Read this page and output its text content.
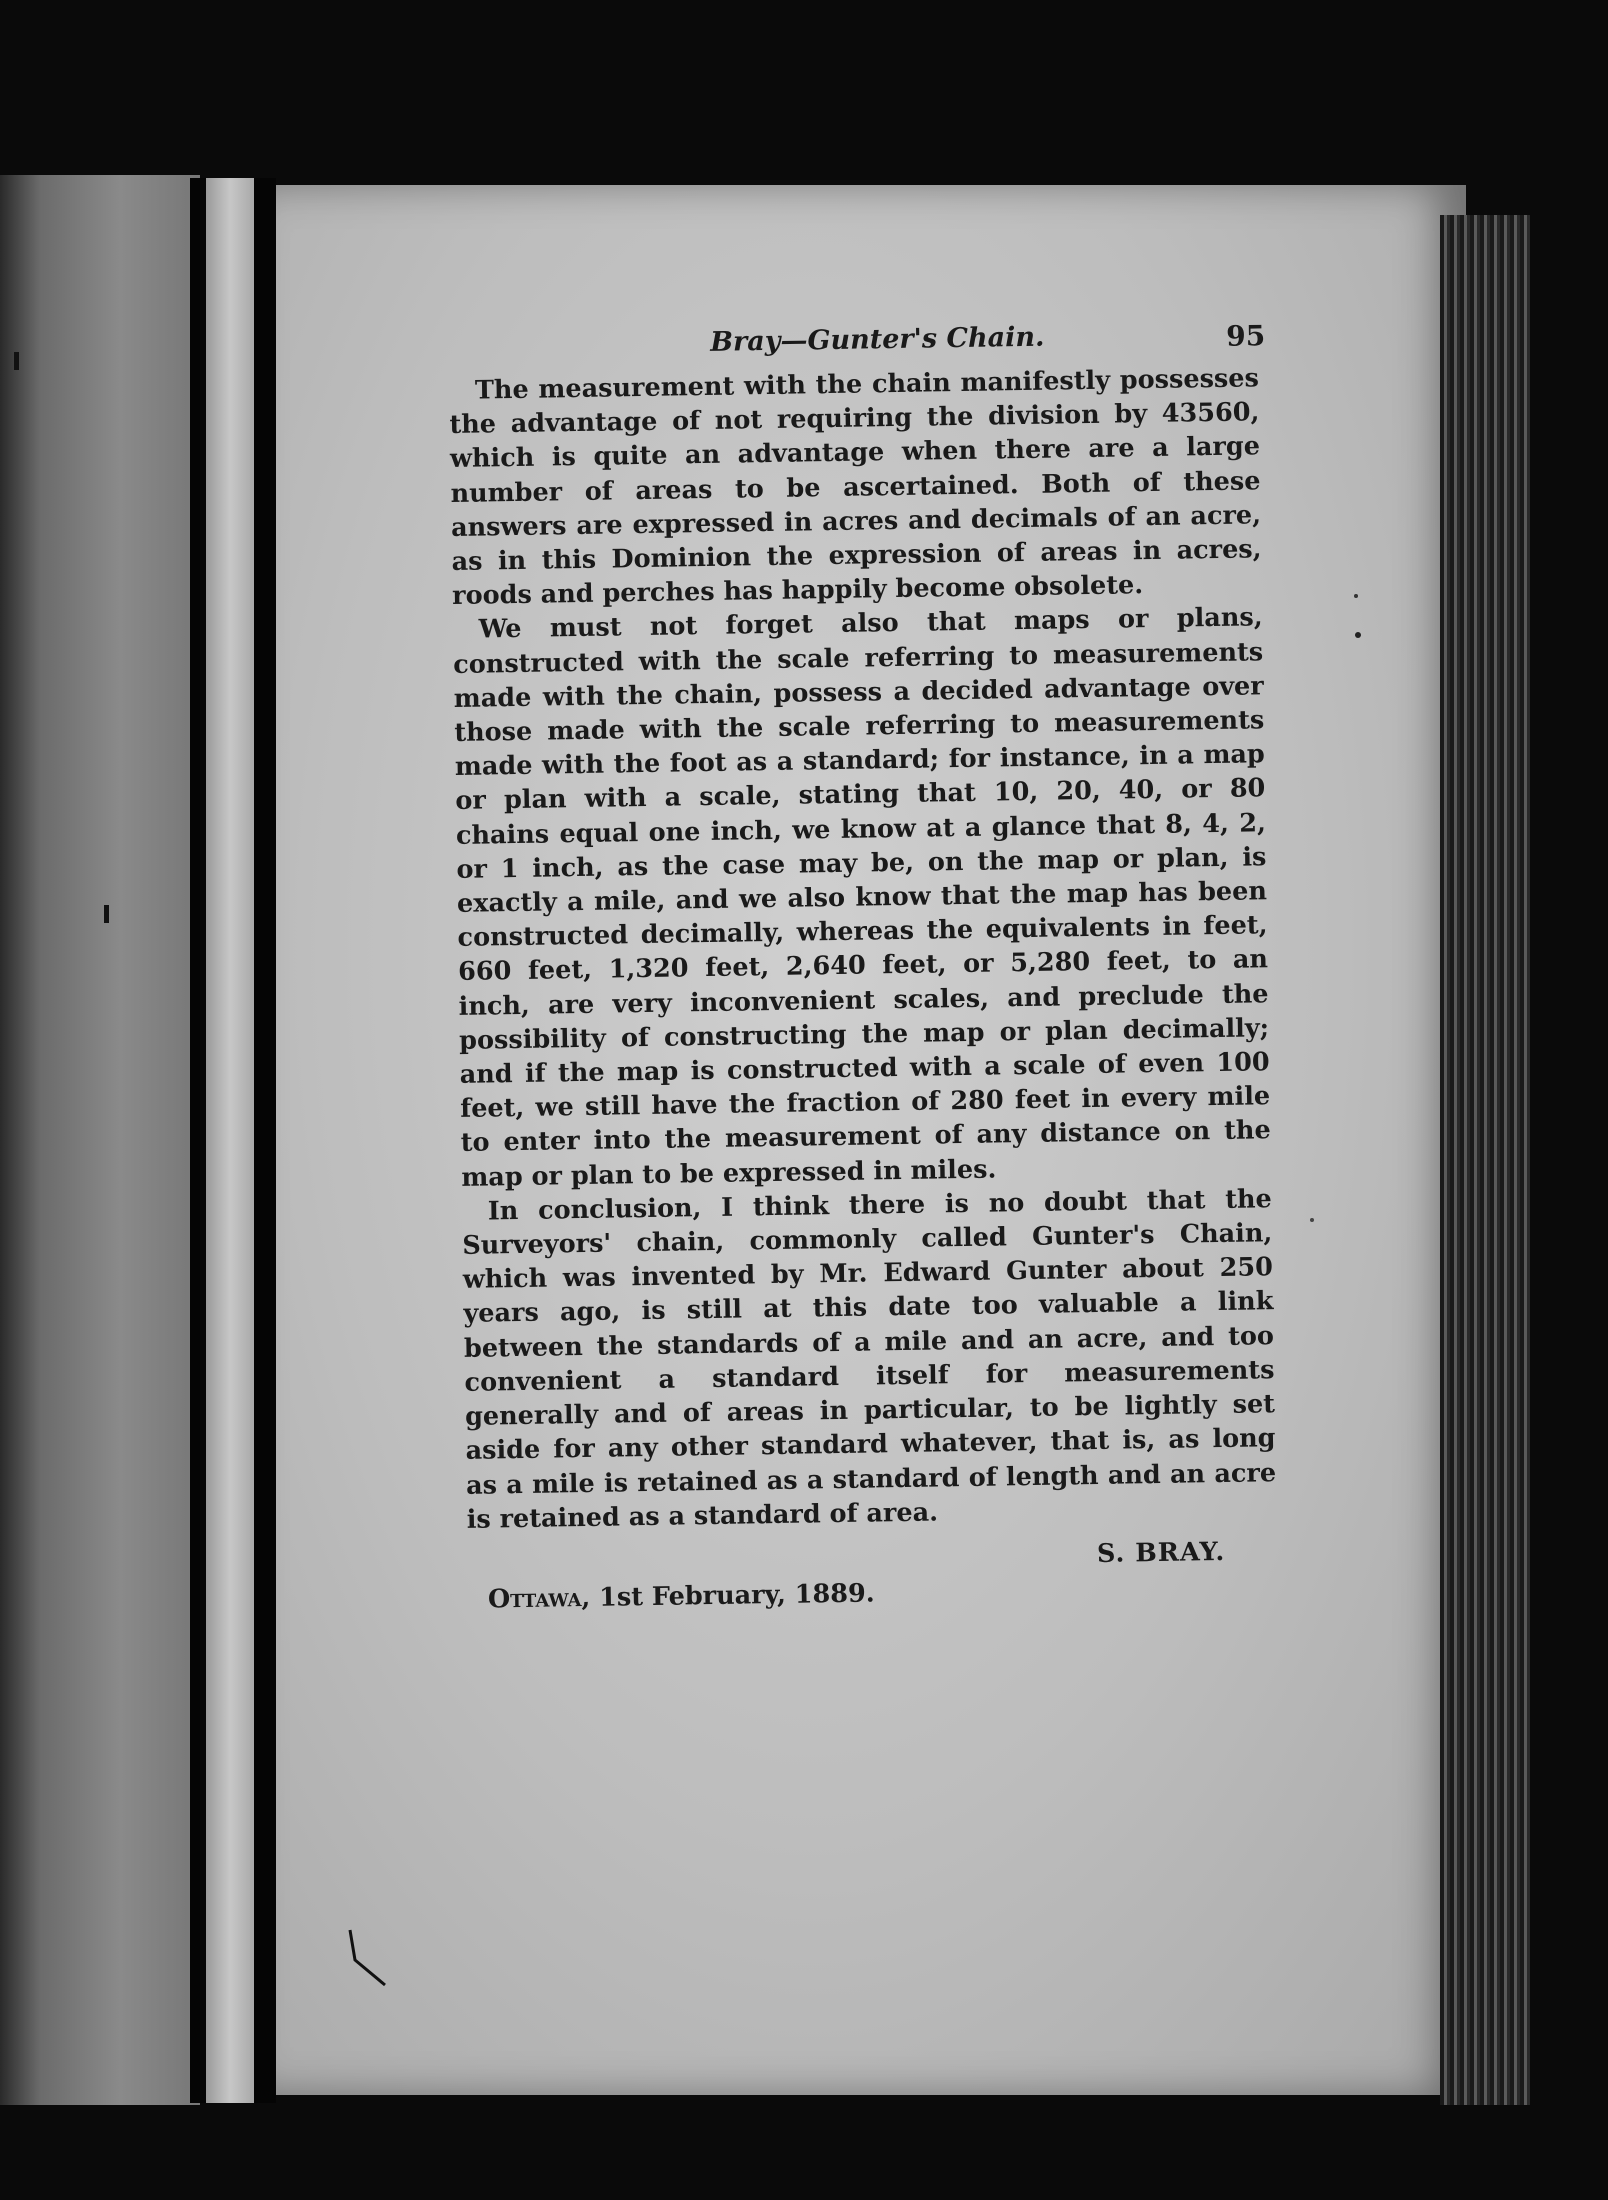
Bray—Gunter's Chain.	95

The measurement with the chain manifestly possesses the advantage of not requiring the division by 43560, which is quite an advantage when there are a large number of areas to be ascertained. Both of these answers are expressed in acres and decimals of an acre, as in this Dominion the expression of areas in acres, roods and perches has happily become obsolete.

We must not forget also that maps or plans, constructed with the scale referring to measurements made with the chain, possess a decided advantage over those made with the scale referring to measurements made with the foot as a standard; for instance, in a map or plan with a scale, stating that 10, 20, 40, or 80 chains equal one inch, we know at a glance that 8, 4, 2, or 1 inch, as the case may be, on the map or plan, is exactly a mile, and we also know that the map has been constructed decimally, whereas the equivalents in feet, 660 feet, 1,320 feet, 2,640 feet, or 5,280 feet, to an inch, are very inconvenient scales, and preclude the possibility of constructing the map or plan decimally; and if the map is constructed with a scale of even 100 feet, we still have the fraction of 280 feet in every mile to enter into the measurement of any distance on the map or plan to be expressed in miles.

In conclusion, I think there is no doubt that the Surveyors' chain, commonly called Gunter's Chain, which was invented by Mr. Edward Gunter about 250 years ago, is still at this date too valuable a link between the standards of a mile and an acre, and too convenient a standard itself for measurements generally and of areas in particular, to be lightly set aside for any other standard whatever, that is, as long as a mile is retained as a standard of length and an acre is retained as a standard of area.

S. BRAY.
Ottawa, 1st February, 1889.
